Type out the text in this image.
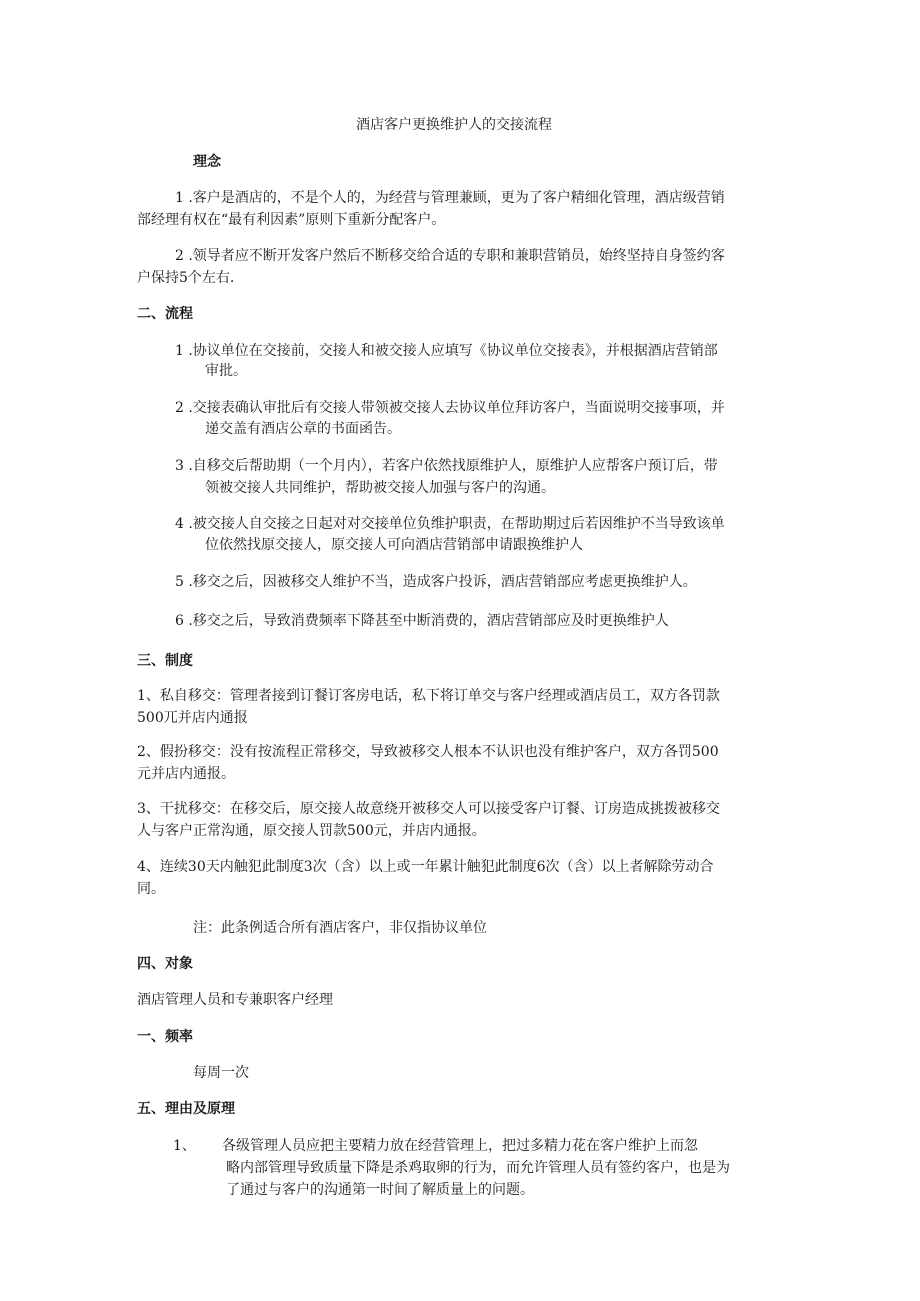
酒店客户更换维护人的交接流程
理念
1 .客户是酒店的，不是个人的，为经营与管理兼顾，更为了客户精细化管理，酒店级营销
部经理有权在“最有利因素”原则下重新分配客户。
2 .领导者应不断开发客户然后不断移交给合适的专职和兼职营销员，始终坚持自身签约客
户保持5个左右.
二、流程
1 .协议单位在交接前，交接人和被交接人应填写《协议单位交接表》，并根据酒店营销部
审批。
2 .交接表确认审批后有交接人带领被交接人去协议单位拜访客户，当面说明交接事项，并
递交盖有酒店公章的书面函告。
3 .自移交后帮助期（一个月内），若客户依然找原维护人，原维护人应帮客户预订后，带
领被交接人共同维护，帮助被交接人加强与客户的沟通。
4 .被交接人自交接之日起对对交接单位负维护职责，在帮助期过后若因维护不当导致该单
位依然找原交接人，原交接人可向酒店营销部申请跟换维护人
5 .移交之后，因被移交人维护不当，造成客户投诉，酒店营销部应考虑更换维护人。
6 .移交之后，导致消费频率下降甚至中断消费的，酒店营销部应及时更换维护人
三、制度
1、私自移交：管理者接到订餐订客房电话，私下将订单交与客户经理或酒店员工，双方各罚款
500兀并店内通报
2、假扮移交：没有按流程正常移交，导致被移交人根本不认识也没有维护客户，双方各罚500
元并店内通报。
3、干扰移交：在移交后，原交接人故意绕开被移交人可以接受客户订餐、订房造成挑拨被移交
人与客户正常沟通，原交接人罚款500元，并店内通报。
4、连续30天内触犯此制度3次（含）以上或一年累计触犯此制度6次（含）以上者解除劳动合
同。
注：此条例适合所有酒店客户，非仅指协议单位
四、对象
酒店管理人员和专兼职客户经理
一、频率
每周一次
五、理由及原理
1、 各级管理人员应把主要精力放在经营管理上，把过多精力花在客户维护上而忽
略内部管理导致质量下降是杀鸡取卵的行为，而允许管理人员有签约客户，也是为
了通过与客户的沟通第一时间了解质量上的问题。
